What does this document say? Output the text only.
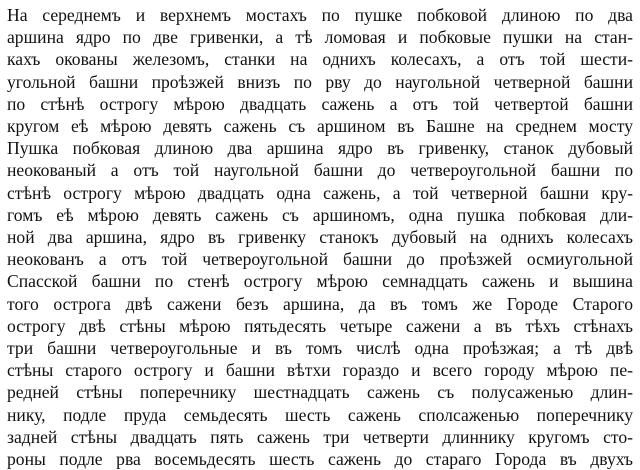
На середнемъ и верхнемъ мостахъ по пушке побковой длиною по два
аршина ядро по две гривенки, а тѣ ломовая и побковые пушки на стан-
кахъ окованы железомъ, станки на однихъ колесахъ, а отъ той шести-
угольной башни проѣзжей внизъ по рву до наугольной четверной башни
по стѣнѣ острогу мѣрою двадцать сажень а отъ той четвертой башни
кругом еѣ мѣрою девять сажень съ аршином въ Башне на среднем мосту
Пушка побковая длиною два аршина ядро въ гривенку, станок дубовый
неокованый а отъ той наугольной башни до четвероугольной башни по
стѣнѣ острогу мѣрою двадцать одна сажень, а той четверной башни кру-
гомъ еѣ мѣрою девять сажень съ аршиномъ, одна пушка побковая дли-
ной два аршина, ядро въ гривенку станокъ дубовый на однихъ колесахъ
неокованъ а отъ той четвероугольной башни до проѣзжей осмиугольной
Спасской башни по стенѣ острогу мѣрою семнадцать сажень и вышина
того острога двѣ сажени безъ аршина, да въ томъ же Городе Старого
острогу двѣ стѣны мѣрою пятьдесять четыре сажени а въ тѣхъ стѣнахъ
три башни четвероугольные и въ томъ числѣ одна проѣзжая; а тѣ двѣ
стѣны старого острогу и башни вѣтхи гораздо и всего городу мѣрою пе-
редней стѣны поперечнику шестнадцать сажень съ полусаженью длин-
нику, подле пруда семьдесять шесть сажень сполсаженью поперечнику
задней стѣны двадцать пять сажень три четверти длиннику кругомъ сто-
роны подле рва восемьдесять шесть сажень до стараго Города въ двухъ
